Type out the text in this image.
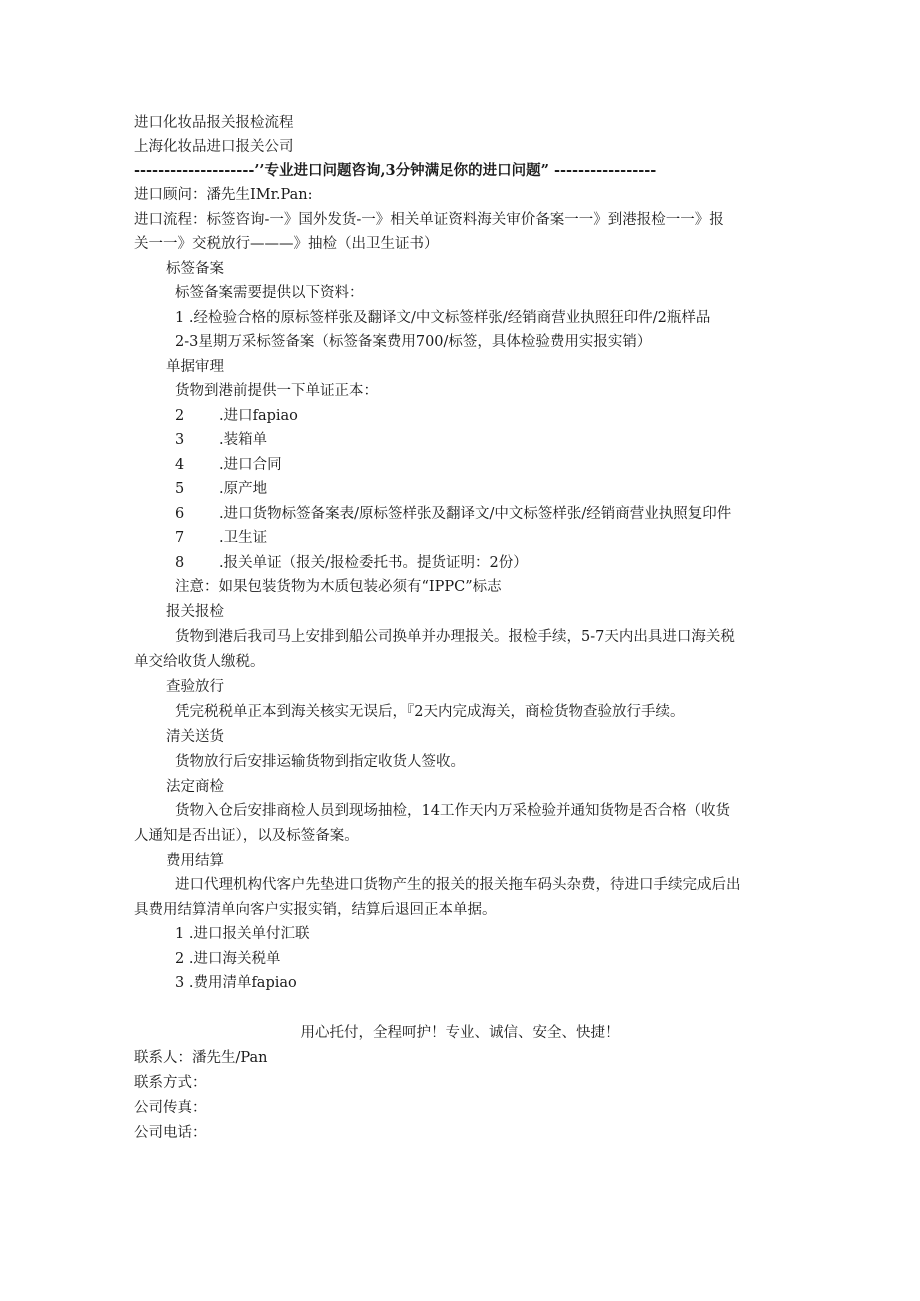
进口化妆品报关报检流程
上海化妆品进口报关公司
--------------------’’专业进口问题咨询,3分钟满足你的进口问题” -----------------
进口顾问：潘先生IMr.Pan:
进口流程：标签咨询-一》国外发货-一》相关单证资料海关审价备案一一》到港报检一一》报
关一一》交税放行———》抽检（出卫生证书）
标签备案
标签备案需要提供以下资料：
1 .经检验合格的原标签样张及翻译文/中文标签样张/经销商营业执照狂印件/2瓶样品
2-3星期万采标签备案（标签备案费用700/标签，具体检验费用实报实销）
单据审理
货物到港前提供一下单证正本：
2 .进口fapiao
3 .装箱单
4 .进口合同
5 .原产地
6 .进口货物标签备案表/原标签样张及翻译文/中文标签样张/经销商营业执照复印件
7 .卫生证
8 .报关单证（报关/报检委托书。提货证明：2份）
注意：如果包装货物为木质包装必须有“IPPC”标志
报关报检
货物到港后我司马上安排到船公司换单并办理报关。报检手续，5-7天内出具进口海关税
单交给收货人缴税。
查验放行
凭完税税单正本到海关核实无误后，『2天内完成海关，商检货物查验放行手续。
清关送货
货物放行后安排运输货物到指定收货人签收。
法定商检
货物入仓后安排商检人员到现场抽检，14工作天内万采检验并通知货物是否合格（收货
人通知是否出证），以及标签备案。
费用结算
进口代理机构代客户先垫进口货物产生的报关的报关拖车码头杂费，待进口手续完成后出
具费用结算清单向客户实报实销，结算后退回正本单据。
1 .进口报关单付汇联
2 .进口海关税单
3 .费用清单fapiao
用心托付，全程呵护！专业、诚信、安全、快捷！
联系人：潘先生/Pan
联系方式：
公司传真：
公司电话：
